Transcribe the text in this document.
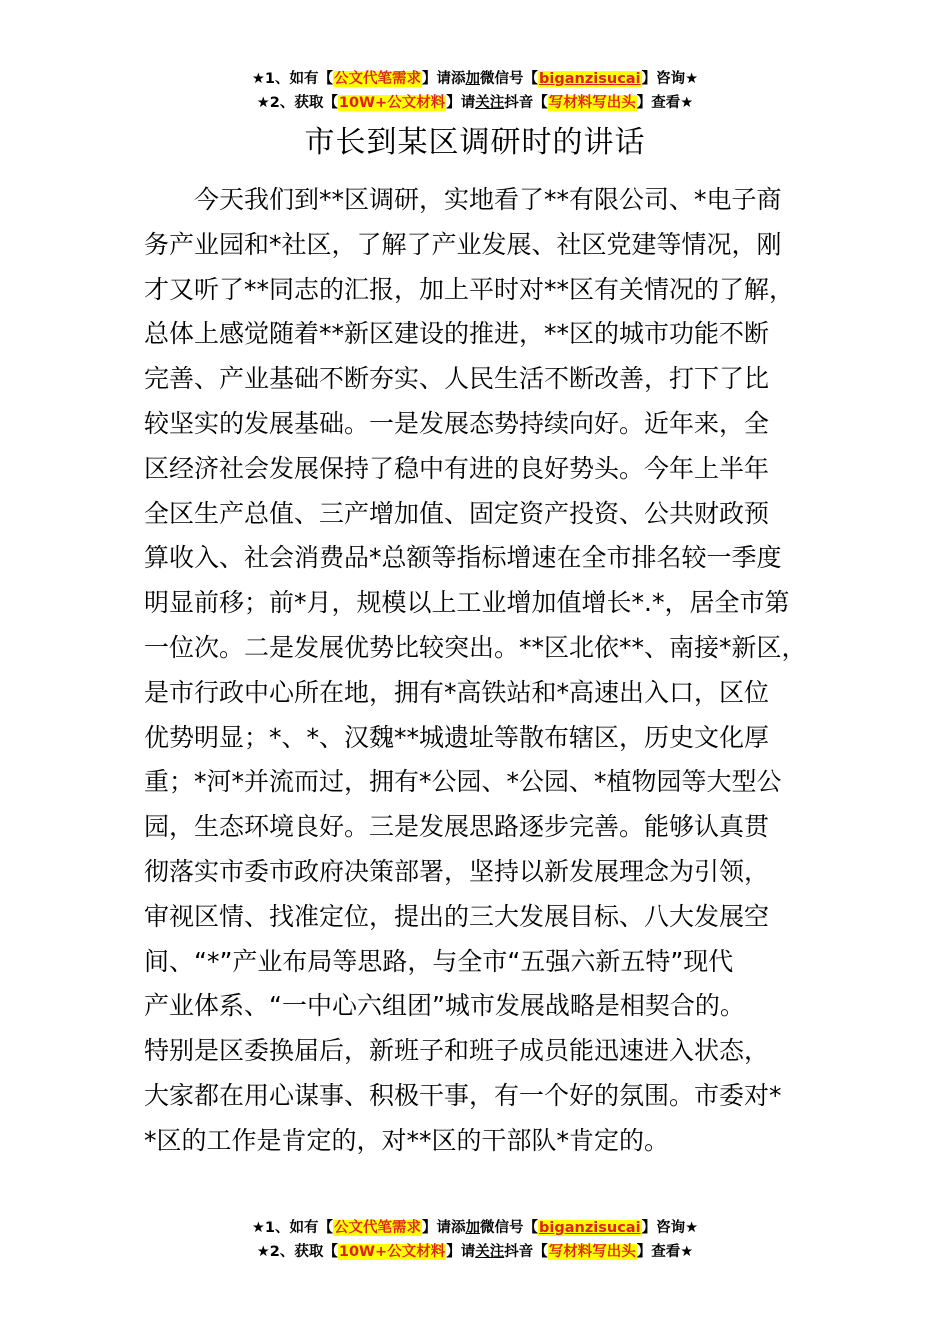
★1、如有【公文代笔需求】请添加微信号【biganzisucai】咨询★
★2、获取【10W+公文材料】请关注抖音【写材料写出头】查看★
市长到某区调研时的讲话
　　今天我们到**区调研，实地看了**有限公司、*电子商
务产业园和*社区，了解了产业发展、社区党建等情况，刚
才又听了**同志的汇报，加上平时对**区有关情况的了解，
总体上感觉随着**新区建设的推进，**区的城市功能不断
完善、产业基础不断夯实、人民生活不断改善，打下了比
较坚实的发展基础。一是发展态势持续向好。近年来，全
区经济社会发展保持了稳中有进的良好势头。今年上半年
全区生产总值、三产增加值、固定资产投资、公共财政预
算收入、社会消费品*总额等指标增速在全市排名较一季度
明显前移；前*月，规模以上工业增加值增长*.*，居全市第
一位次。二是发展优势比较突出。**区北依**、南接*新区，
是市行政中心所在地，拥有*高铁站和*高速出入口，区位
优势明显；*、*、汉魏**城遗址等散布辖区，历史文化厚
重；*河*并流而过，拥有*公园、*公园、*植物园等大型公
园，生态环境良好。三是发展思路逐步完善。能够认真贯
彻落实市委市政府决策部署，坚持以新发展理念为引领，
审视区情、找准定位，提出的三大发展目标、八大发展空
间、“*”产业布局等思路，与全市“五强六新五特”现代
产业体系、“一中心六组团”城市发展战略是相契合的。
特别是区委换届后，新班子和班子成员能迅速进入状态，
大家都在用心谋事、积极干事，有一个好的氛围。市委对*
*区的工作是肯定的，对**区的干部队*肯定的。
★1、如有【公文代笔需求】请添加微信号【biganzisucai】咨询★
★2、获取【10W+公文材料】请关注抖音【写材料写出头】查看★
